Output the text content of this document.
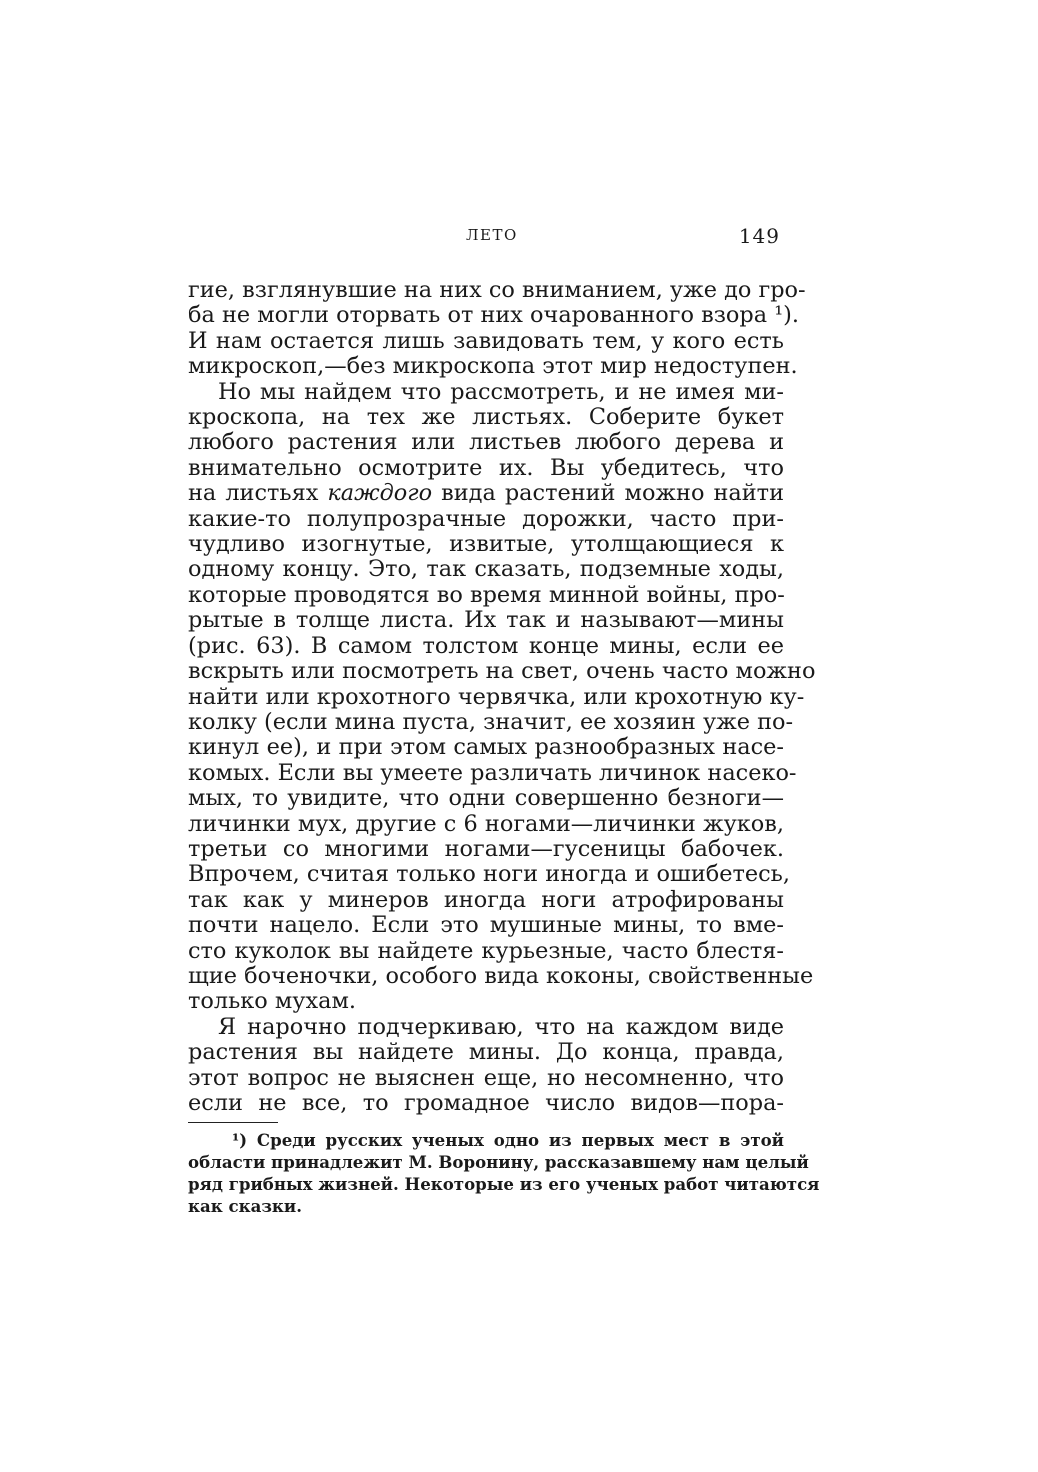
ЛЕТО	149
гие, взглянувшие на них со вниманием, уже до гро-
ба не могли оторвать от них очарованного взора ¹).
И нам остается лишь завидовать тем, у кого есть
микроскоп,—без микроскопа этот мир недоступен.
Но мы найдем что рассмотреть, и не имея ми-
кроскопа, на тех же листьях. Соберите букет
любого растения или листьев любого дерева и
внимательно осмотрите их. Вы убедитесь, что
на листьях каждого вида растений можно найти
какие-то полупрозрачные дорожки, часто при-
чудливо изогнутые, извитые, утолщающиеся к
одному концу. Это, так сказать, подземные ходы,
которые проводятся во время минной войны, про-
рытые в толще листа. Их так и называют—мины
(рис. 63). В самом толстом конце мины, если ее
вскрыть или посмотреть на свет, очень часто можно
найти или крохотного червячка, или крохотную ку-
колку (если мина пуста, значит, ее хозяин уже по-
кинул ее), и при этом самых разнообразных насе-
комых. Если вы умеете различать личинок насеко-
мых, то увидите, что одни совершенно безноги—
личинки мух, другие с 6 ногами—личинки жуков,
третьи со многими ногами—гусеницы бабочек.
Впрочем, считая только ноги иногда и ошибетесь,
так как у минеров иногда ноги атрофированы
почти нацело. Если это мушиные мины, то вме-
сто куколок вы найдете курьезные, часто блестя-
щие боченочки, особого вида коконы, свойственные
только мухам.
Я нарочно подчеркиваю, что на каждом виде
растения вы найдете мины. До конца, правда,
этот вопрос не выяснен еще, но несомненно, что
если не все, то громадное число видов—пора-
¹) Среди русских ученых одно из первых мест в этой
области принадлежит М. Воронину, рассказавшему нам целый
ряд грибных жизней. Некоторые из его ученых работ читаются
как сказки.
